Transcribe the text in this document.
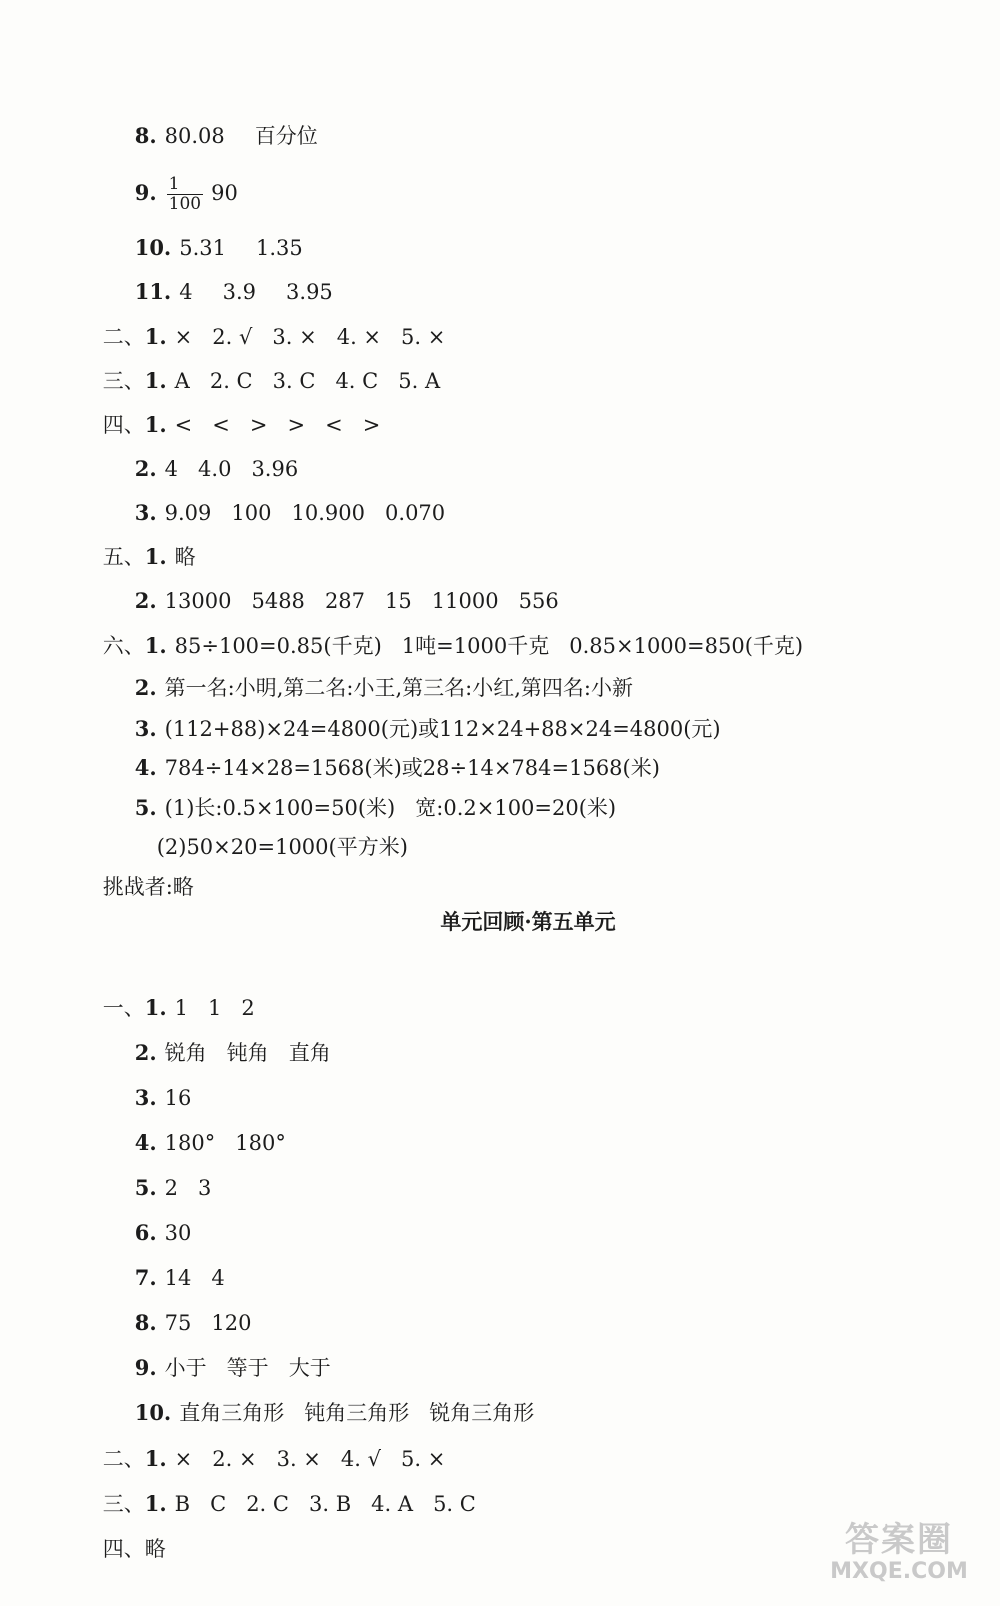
8. 80.08 百分位

9. $\frac{1}{100} 90$

10. 5.31 1.35

11. 4 3.9 3.95

二、1. ×   2. √   3. ×   4. ×   5. ×

三、1. A   2. C   3. C   4. C   5. A

四、1. <   <   >   >   <   >

2. 4   4.0   3.96

3. 9.09   100   10.900   0.070

五、1. 略

2. 13000   5488   287   15   11000   556

六、1. 85÷100=0.85(千克)   1吨=1000千克   0.85×1000=850(千克)

2. 第一名:小明,第二名:小王,第三名:小红,第四名:小新

3. (112+88)×24=4800(元)或112×24+88×24=4800(元)

4. 784÷14×28=1568(米)或28÷14×784=1568(米)

5. (1)长:0.5×100=50(米)   宽:0.2×100=20(米)

(2)50×20=1000(平方米)

挑战者:略

单元回顾·第五单元

一、1. 1   1   2

2. 锐角   钝角   直角

3. 16

4. 180°   180°

5. 2   3

6. 30

7. 14   4

8. 75   120

9. 小于   等于   大于

10. 直角三角形   钝角三角形   锐角三角形

二、1. ×   2. ×   3. ×   4. √   5. ×

三、1. B   C   2. C   3. B   4. A   5. C

四、略
	答案圈
MXQE.COM
